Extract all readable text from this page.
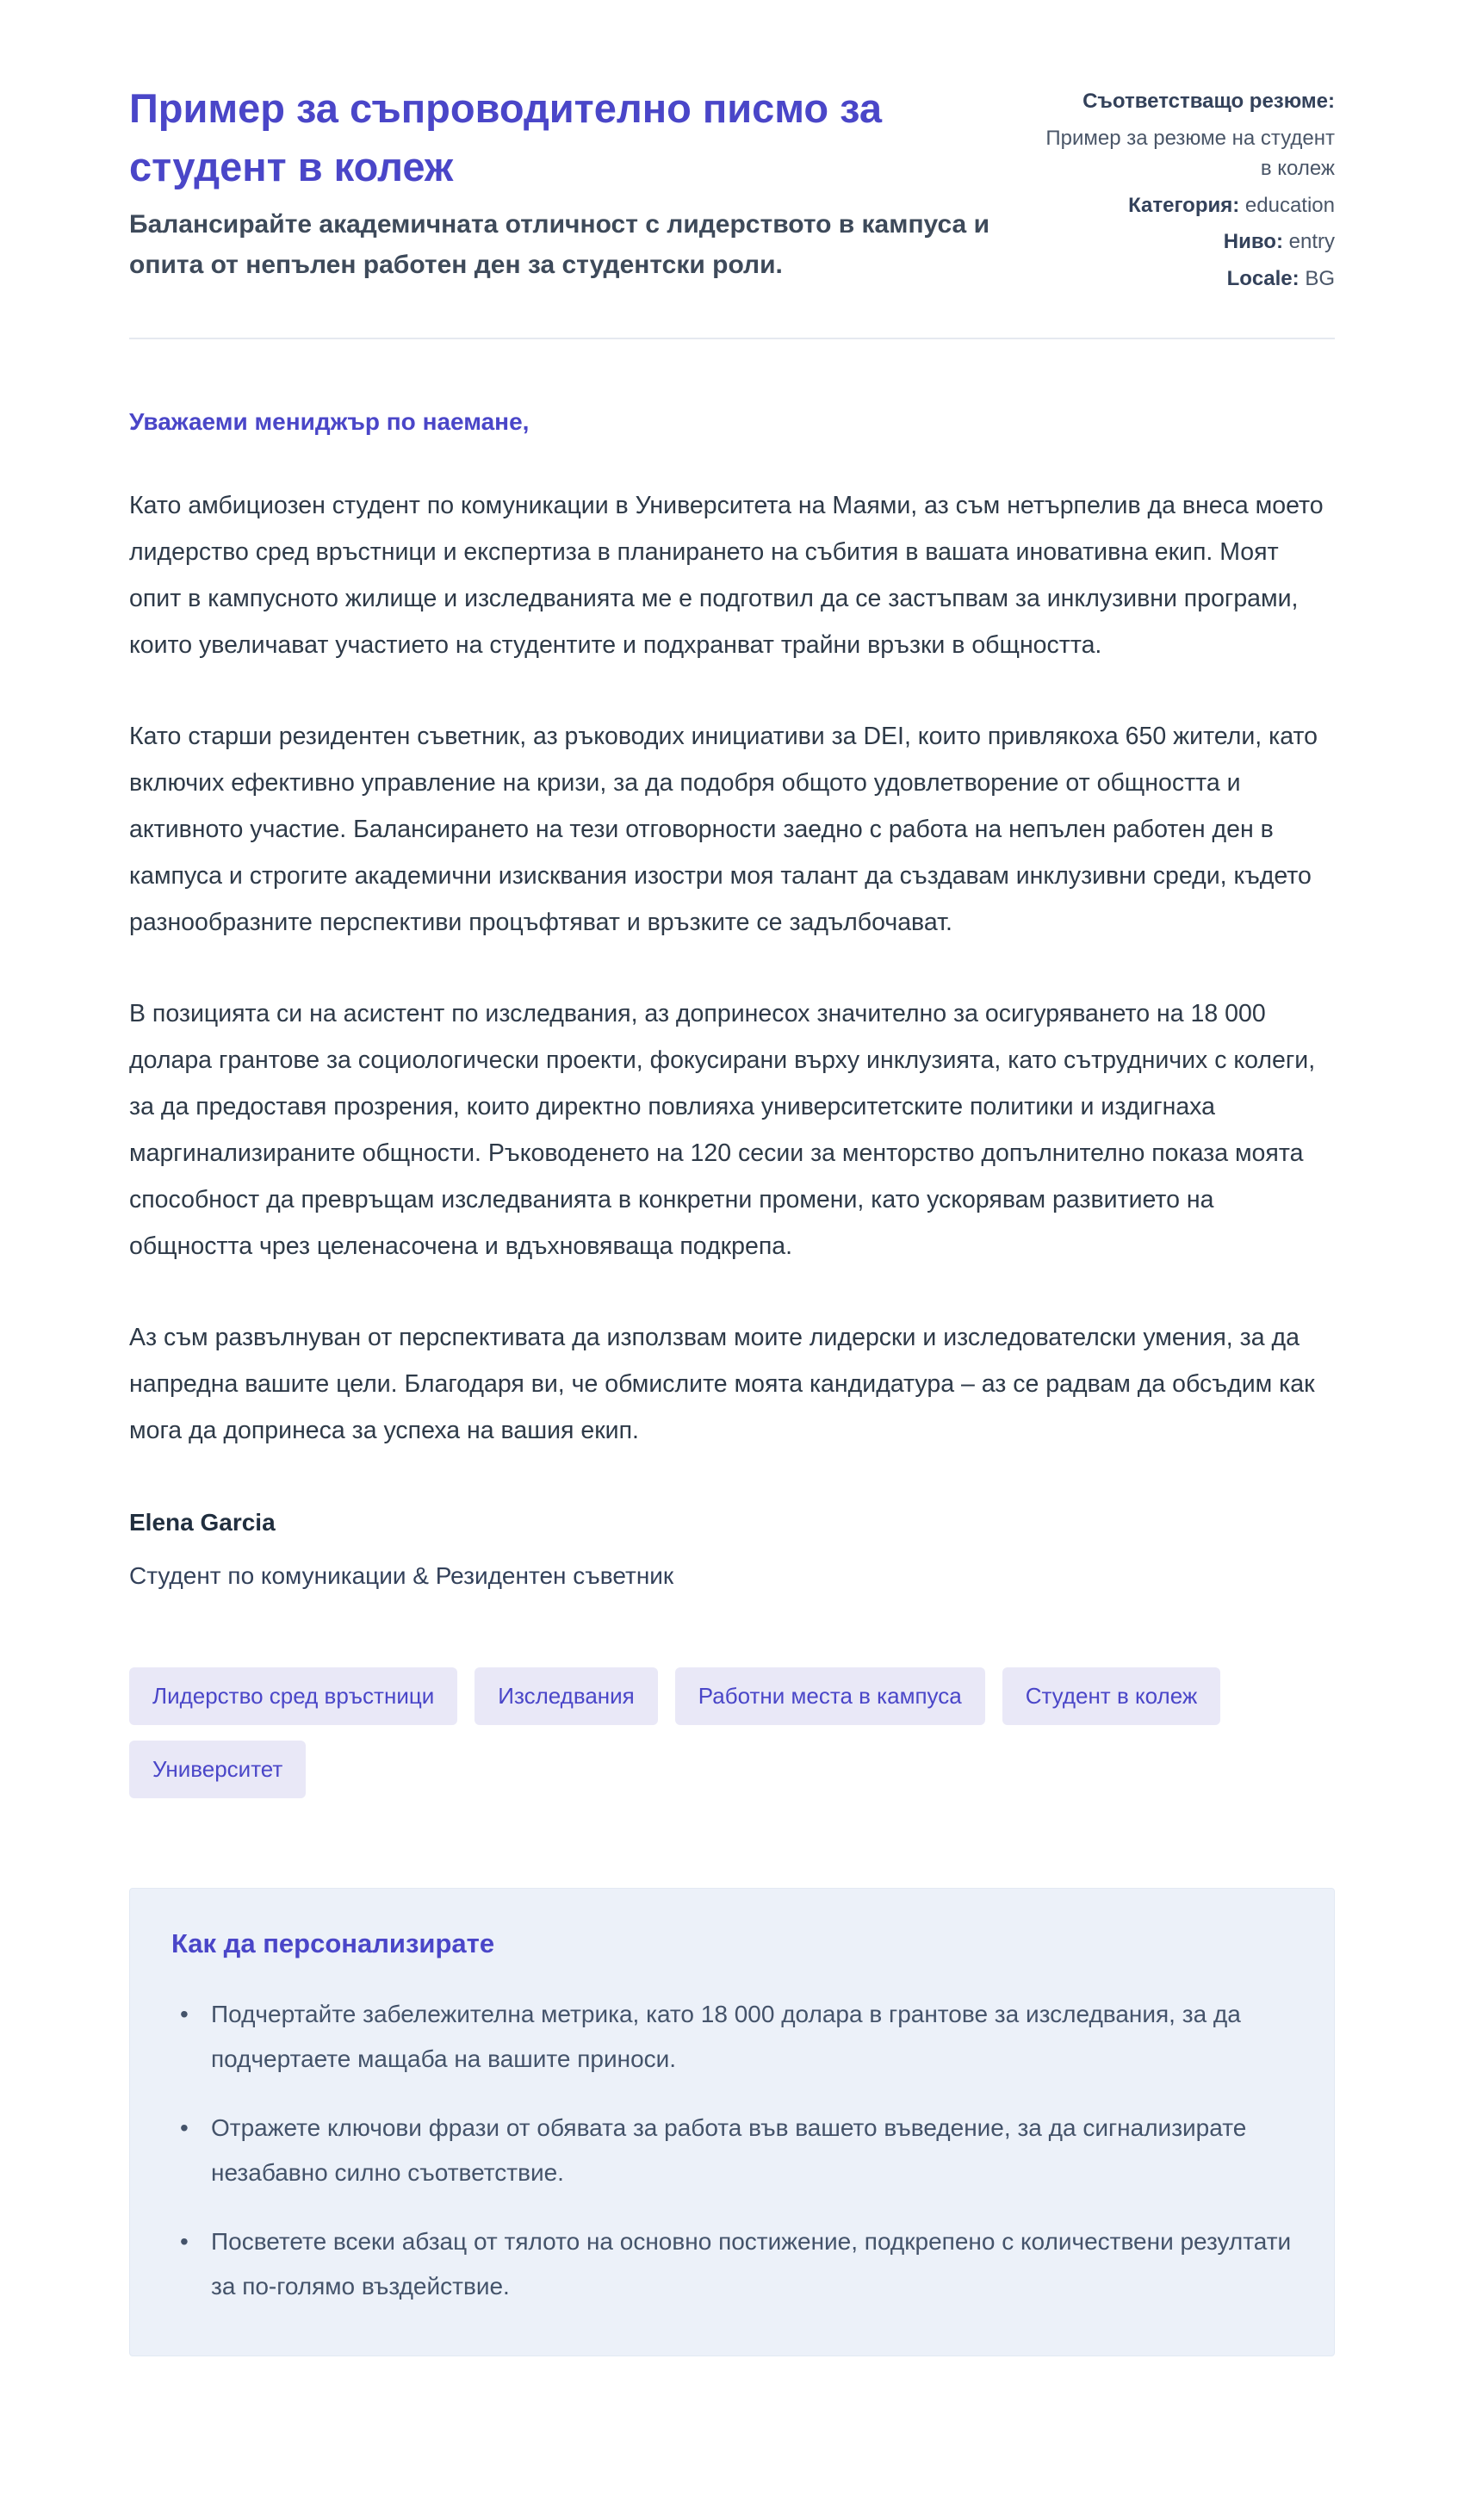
Пример за съпроводително писмо за студент в колеж

Балансирайте академичната отличност с лидерството в кампуса и опита от непълен работен ден за студентски роли.

Съответстващо резюме:
Пример за резюме на студент в колеж
Категория: education
Ниво: entry
Locale: BG

Уважаеми мениджър по наемане,

Като амбициозен студент по комуникации в Университета на Маями, аз съм нетърпелив да внеса моето лидерство сред връстници и експертиза в планирането на събития в вашата иновативна екип. Моят опит в кампусното жилище и изследванията ме е подготвил да се застъпвам за инклузивни програми, които увеличават участието на студентите и подхранват трайни връзки в общността.

Като старши резидентен съветник, аз ръководих инициативи за DEI, които привлякоха 650 жители, като включих ефективно управление на кризи, за да подобря общото удовлетворение от общността и активното участие. Балансирането на тези отговорности заедно с работа на непълен работен ден в кампуса и строгите академични изисквания изостри моя талант да създавам инклузивни среди, където разнообразните перспективи процъфтяват и връзките се задълбочават.

В позицията си на асистент по изследвания, аз допринесох значително за осигуряването на 18 000 долара грантове за социологически проекти, фокусирани върху инклузията, като сътрудничих с колеги, за да предоставя прозрения, които директно повлияха университетските политики и издигнаха маргинализираните общности. Ръководенето на 120 сесии за менторство допълнително показа моята способност да превръщам изследванията в конкретни промени, като ускорявам развитието на общността чрез целенасочена и вдъхновяваща подкрепа.

Аз съм развълнуван от перспективата да използвам моите лидерски и изследователски умения, за да напредна вашите цели. Благодаря ви, че обмислите моята кандидатура – аз се радвам да обсъдим как мога да допринеса за успеха на вашия екип.

Elena Garcia

Студент по комуникации & Резидентен съветник

Лидерство сред връстници	Изследвания	Работни места в кампуса	Студент в колежУниверситет
Как да персонализирате
• Подчертайте забележителна метрика, като 18 000 долара в грантове за изследвания, за да подчертаете мащаба на вашите приноси.
• Отражете ключови фрази от обявата за работа във вашето въведение, за да сигнализирате незабавно силно съответствие.
• Посветете всеки абзац от тялото на основно постижение, подкрепено с количествени резултати за по-голямо въздействие.
